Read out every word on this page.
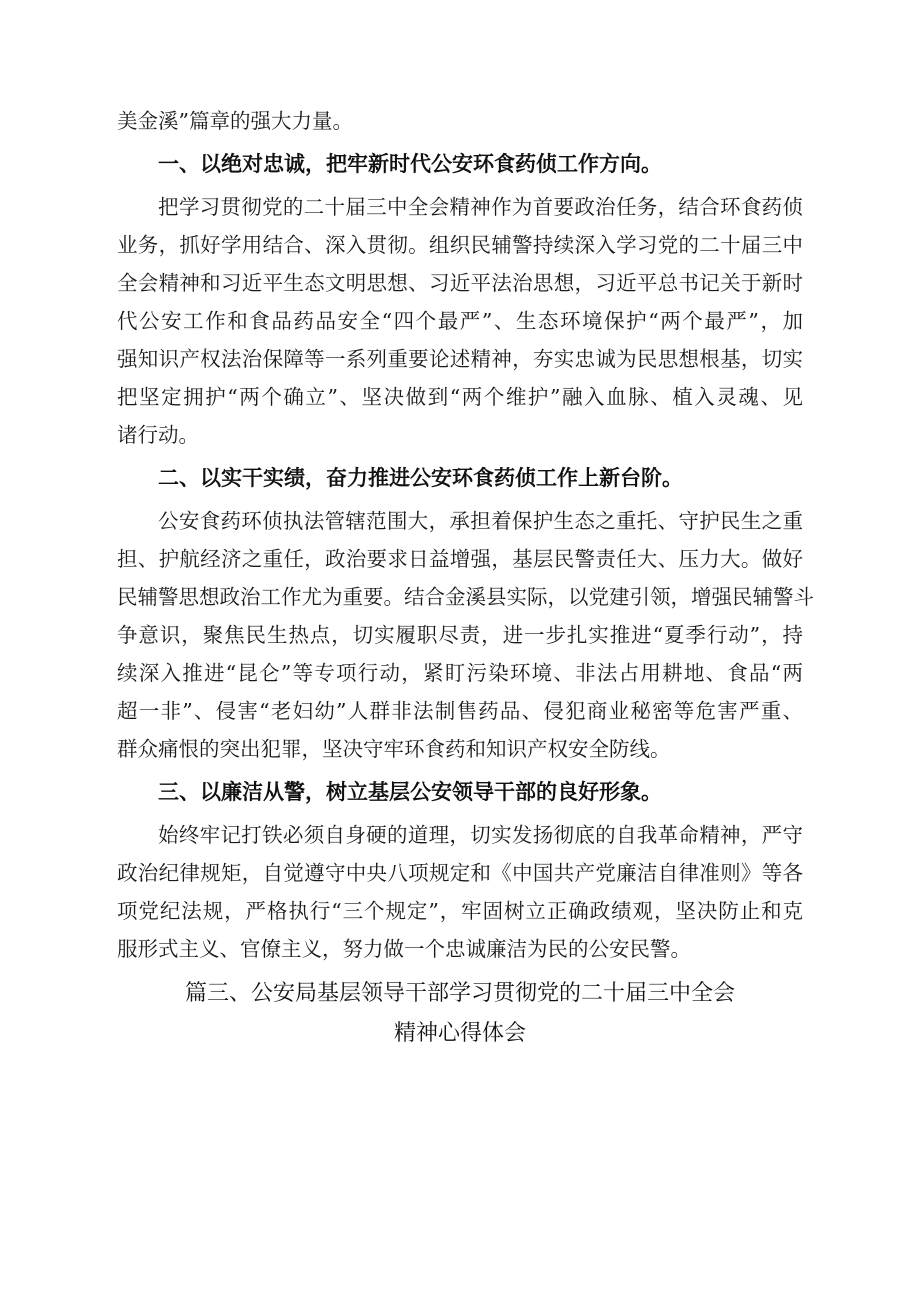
美金溪”篇章的强大力量。
一、以绝对忠诚，把牢新时代公安环食药侦工作方向。
把学习贯彻党的二十届三中全会精神作为首要政治任务，结合环食药侦
业务，抓好学用结合、深入贯彻。组织民辅警持续深入学习党的二十届三中
全会精神和习近平生态文明思想、习近平法治思想，习近平总书记关于新时
代公安工作和食品药品安全“四个最严”、生态环境保护“两个最严”，加
强知识产权法治保障等一系列重要论述精神，夯实忠诚为民思想根基，切实
把坚定拥护“两个确立”、坚决做到“两个维护”融入血脉、植入灵魂、见
诸行动。
二、以实干实绩，奋力推进公安环食药侦工作上新台阶。
公安食药环侦执法管辖范围大，承担着保护生态之重托、守护民生之重
担、护航经济之重任，政治要求日益增强，基层民警责任大、压力大。做好
民辅警思想政治工作尤为重要。结合金溪县实际，以党建引领，增强民辅警斗
争意识，聚焦民生热点，切实履职尽责，进一步扎实推进“夏季行动”，持
续深入推进“昆仑”等专项行动，紧盯污染环境、非法占用耕地、食品“两
超一非”、侵害“老妇幼”人群非法制售药品、侵犯商业秘密等危害严重、
群众痛恨的突出犯罪，坚决守牢环食药和知识产权安全防线。
三、以廉洁从警，树立基层公安领导干部的良好形象。
始终牢记打铁必须自身硬的道理，切实发扬彻底的自我革命精神，严守
政治纪律规矩，自觉遵守中央八项规定和《中国共产党廉洁自律准则》等各
项党纪法规，严格执行“三个规定”，牢固树立正确政绩观，坚决防止和克
服形式主义、官僚主义，努力做一个忠诚廉洁为民的公安民警。
篇三、公安局基层领导干部学习贯彻党的二十届三中全会
精神心得体会
